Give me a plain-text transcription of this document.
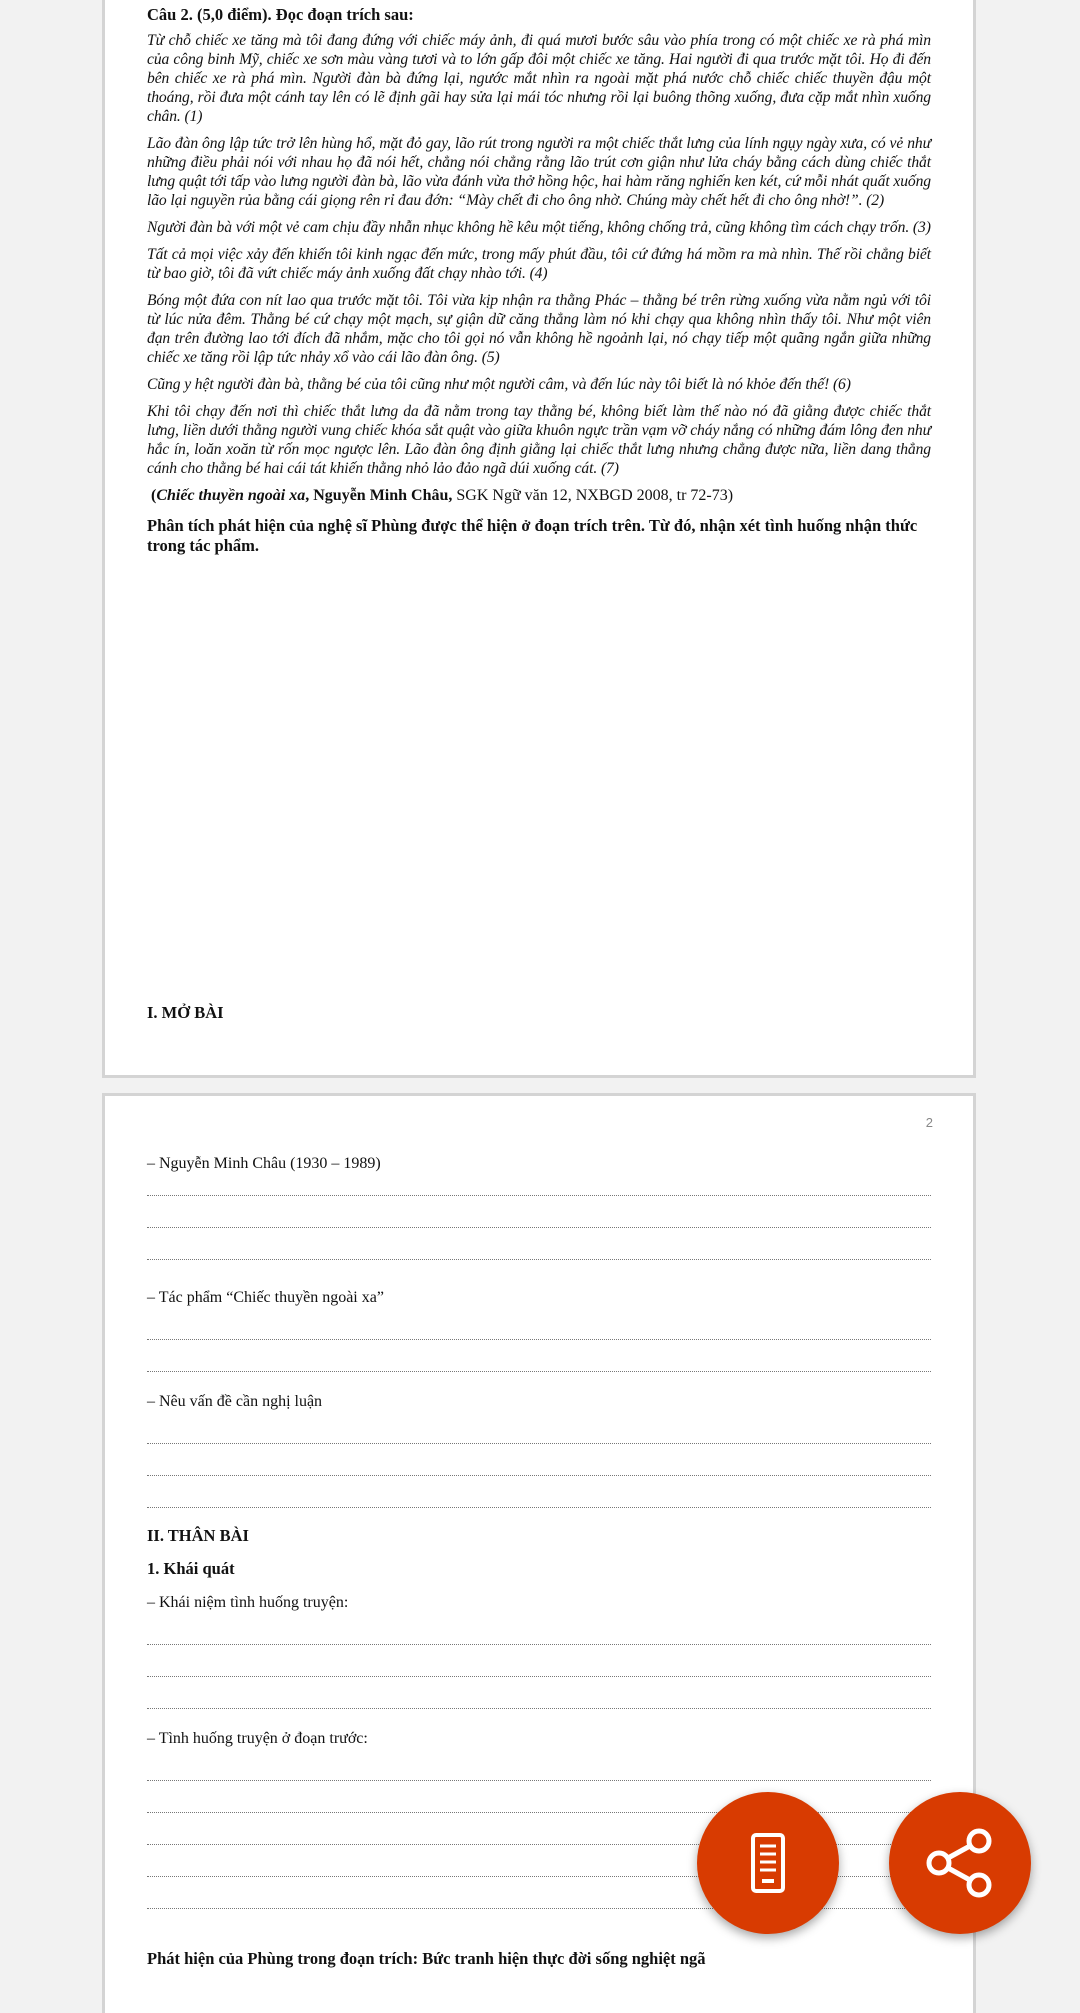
Câu 2. (5,0 điểm). Đọc đoạn trích sau:

Từ chỗ chiếc xe tăng mà tôi đang đứng với chiếc máy ảnh, đi quá mươi bước sâu vào phía trong có một chiếc xe rà phá mìn của công binh Mỹ, chiếc xe sơn màu vàng tươi và to lớn gấp đôi một chiếc xe tăng. Hai người đi qua trước mặt tôi. Họ đi đến bên chiếc xe rà phá mìn. Người đàn bà đứng lại, ngước mắt nhìn ra ngoài mặt phá nước chỗ chiếc chiếc thuyền đậu một thoáng, rồi đưa một cánh tay lên có lẽ định gãi hay sửa lại mái tóc nhưng rồi lại buông thõng xuống, đưa cặp mắt nhìn xuống chân. (1)

Lão đàn ông lập tức trở lên hùng hổ, mặt đỏ gay, lão rút trong người ra một chiếc thắt lưng của lính ngụy ngày xưa, có vẻ như những điều phải nói với nhau họ đã nói hết, chẳng nói chẳng rằng lão trút cơn giận như lửa cháy bằng cách dùng chiếc thắt lưng quật tới tấp vào lưng người đàn bà, lão vừa đánh vừa thở hồng hộc, hai hàm răng nghiến ken két, cứ mỗi nhát quất xuống lão lại nguyền rủa bằng cái giọng rên rỉ đau đớn: “Mày chết đi cho ông nhờ. Chúng mày chết hết đi cho ông nhờ!”. (2)

Người đàn bà với một vẻ cam chịu đầy nhẫn nhục không hề kêu một tiếng, không chống trả, cũng không tìm cách chạy trốn. (3)

Tất cả mọi việc xảy đến khiến tôi kinh ngạc đến mức, trong mấy phút đầu, tôi cứ đứng há mồm ra mà nhìn. Thế rồi chẳng biết từ bao giờ, tôi đã vứt chiếc máy ảnh xuống đất chạy nhào tới. (4)

Bóng một đứa con nít lao qua trước mặt tôi. Tôi vừa kịp nhận ra thằng Phác – thằng bé trên rừng xuống vừa nằm ngủ với tôi từ lúc nửa đêm. Thằng bé cứ chạy một mạch, sự giận dữ căng thẳng làm nó khi chạy qua không nhìn thấy tôi. Như một viên đạn trên đường lao tới đích đã nhắm, mặc cho tôi gọi nó vẫn không hề ngoảnh lại, nó chạy tiếp một quãng ngắn giữa những chiếc xe tăng rồi lập tức nhảy xổ vào cái lão đàn ông. (5)

Cũng y hệt người đàn bà, thằng bé của tôi cũng như một người câm, và đến lúc này tôi biết là nó khỏe đến thế! (6)

Khi tôi chạy đến nơi thì chiếc thắt lưng da đã nằm trong tay thằng bé, không biết làm thế nào nó đã giằng được chiếc thắt lưng, liền dưới thằng người vung chiếc khóa sắt quật vào giữa khuôn ngực trần vạm vỡ cháy nắng có những đám lông đen như hắc ín, loăn xoăn từ rốn mọc ngược lên. Lão đàn ông định giằng lại chiếc thắt lưng nhưng chẳng được nữa, liền dang thẳng cánh cho thằng bé hai cái tát khiến thằng nhỏ lảo đảo ngã dúi xuống cát. (7)

(Chiếc thuyền ngoài xa, Nguyễn Minh Châu, SGK Ngữ văn 12, NXBGD 2008, tr 72-73)

Phân tích phát hiện của nghệ sĩ Phùng được thể hiện ở đoạn trích trên. Từ đó, nhận xét tình huống nhận thức trong tác phẩm.

I. MỞ BÀI
2
– Nguyễn Minh Châu (1930 – 1989)
– Tác phẩm “Chiếc thuyền ngoài xa”
– Nêu vấn đề cần nghị luận
II. THÂN BÀI
1. Khái quát
– Khái niệm tình huống truyện:
– Tình huống truyện ở đoạn trước:
Phát hiện của Phùng trong đoạn trích: Bức tranh hiện thực đời sống nghiệt ngã
